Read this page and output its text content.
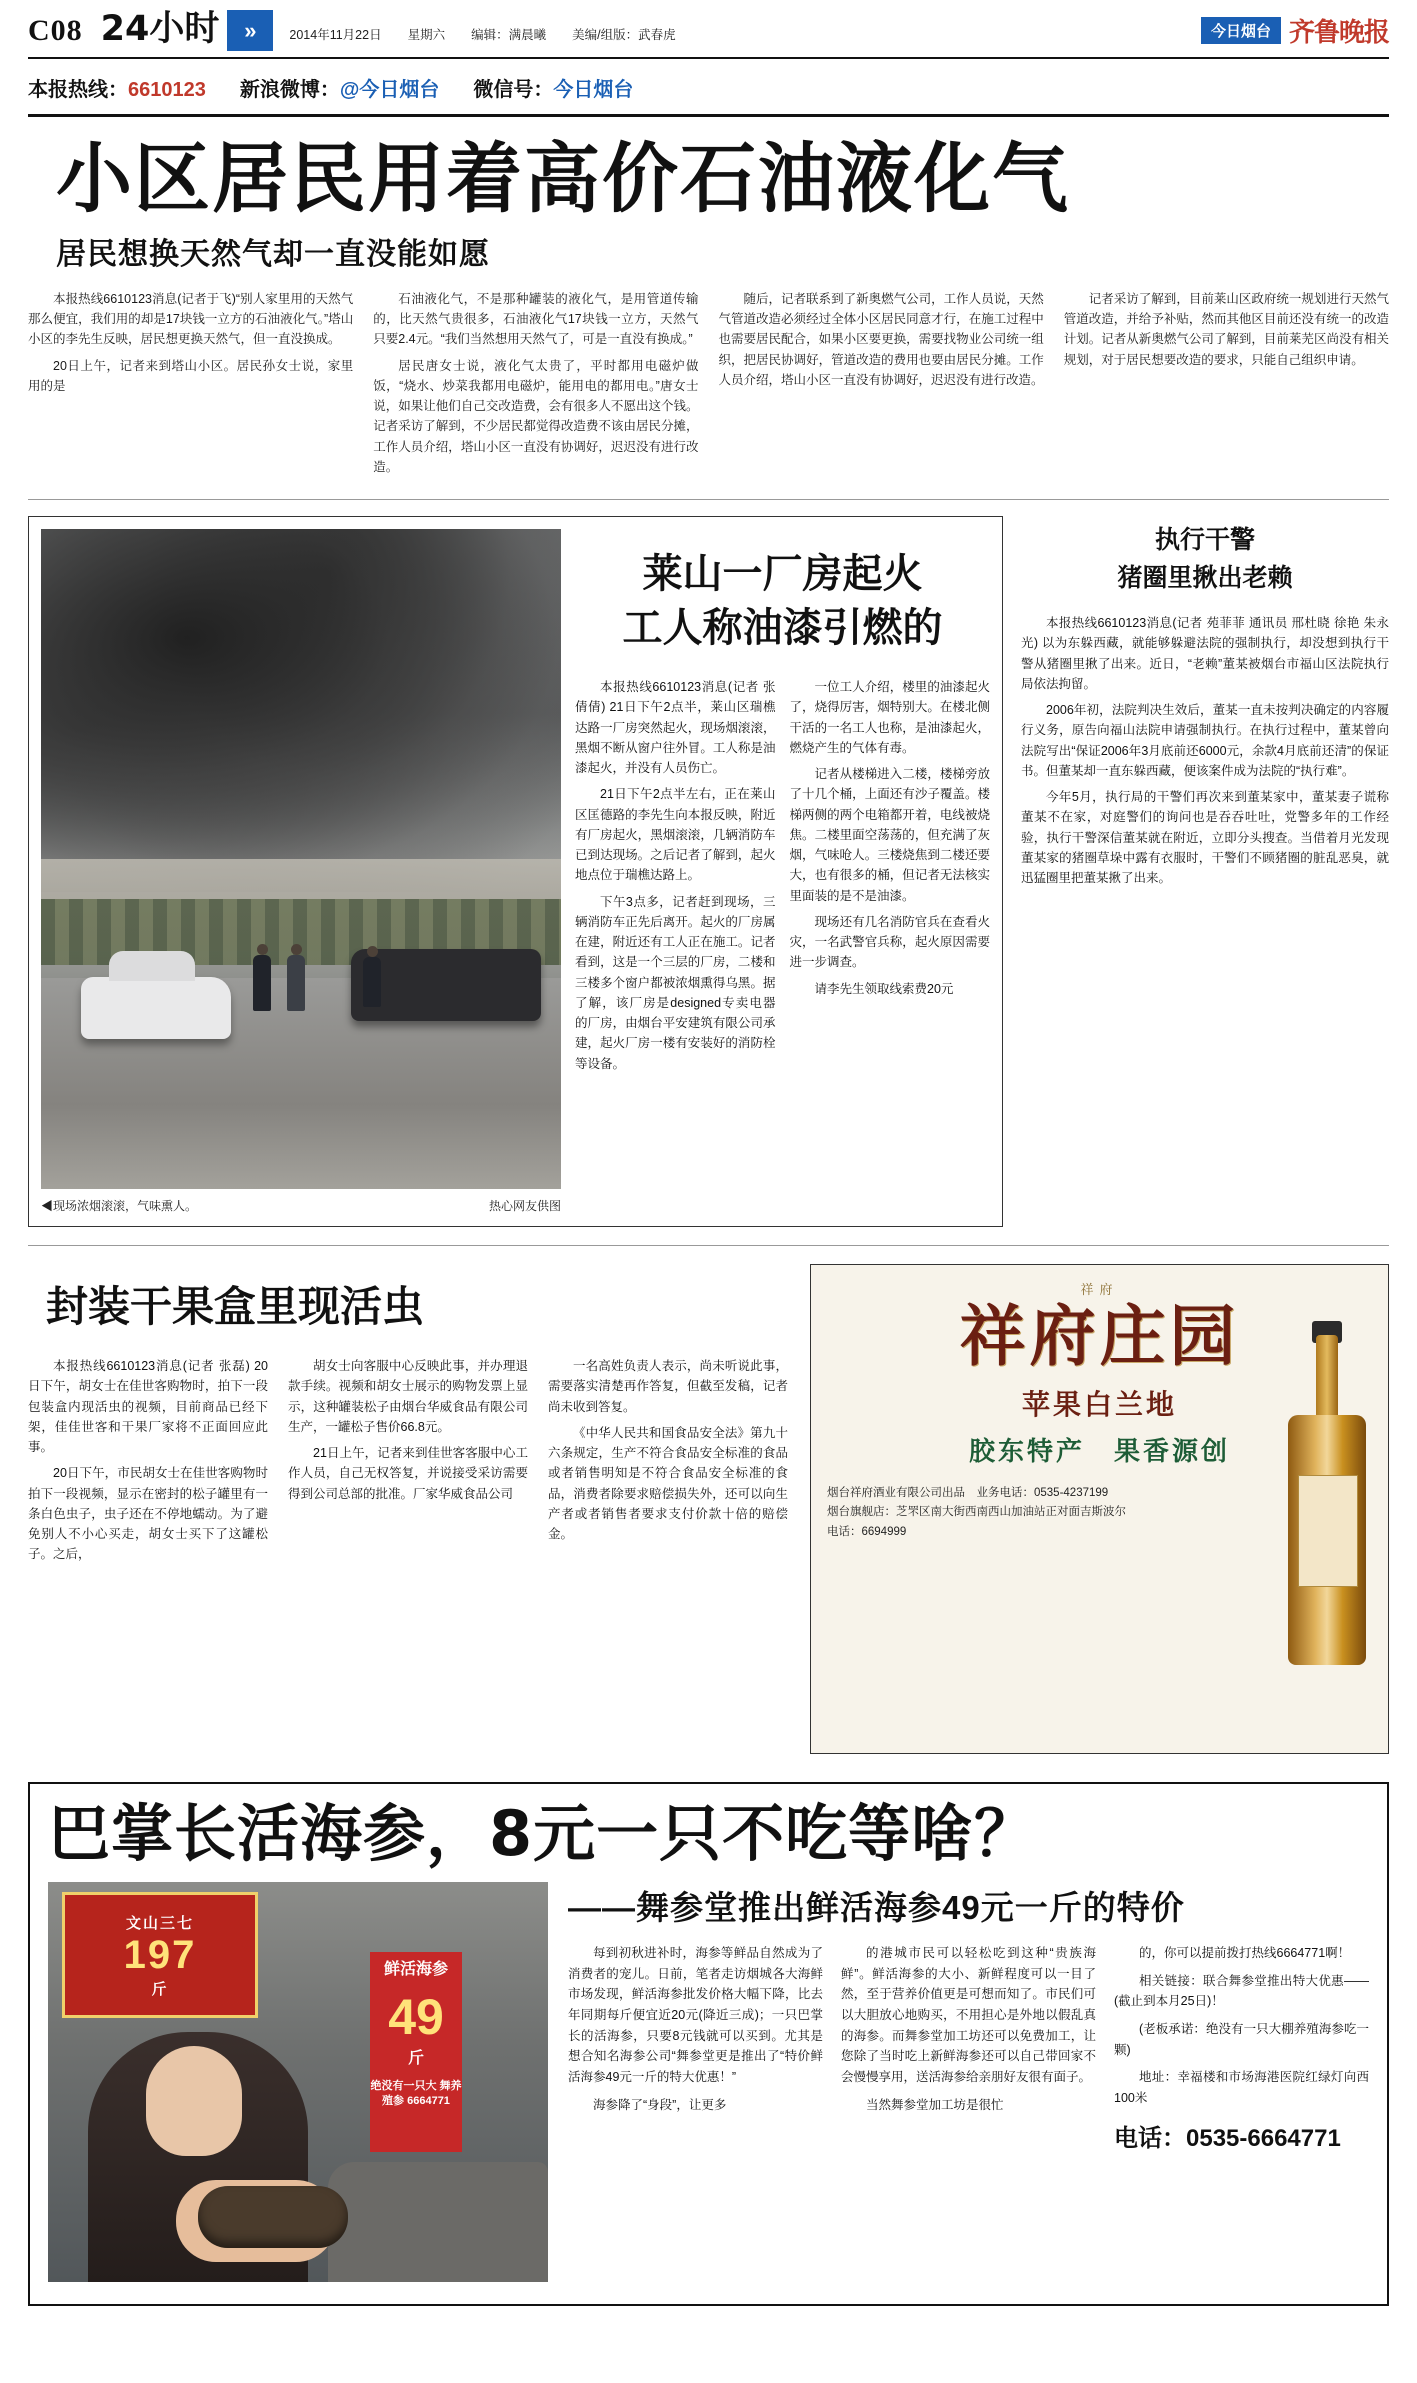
C08 24小时	»	2014年11月22日 星期六 编辑：满晨曦 美编/组版：武春虎	今日烟台 齐鲁晚报
本报热线：6610123 新浪微博：@今日烟台 微信号：今日烟台
小区居民用着高价石油液化气
居民想换天然气却一直没能如愿

本报热线6610123消息(记者于飞)“别人家里用的天然气那么便宜，我们用的却是17块钱一立方的石油液化气。”塔山小区的李先生反映，居民想更换天然气，但一直没换成。

20日上午，记者来到塔山小区。居民孙女士说，家里用的是

石油液化气，不是那种罐装的液化气，是用管道传输的，比天然气贵很多，石油液化气17块钱一立方，天然气只要2.4元。“我们当然想用天然气了，可是一直没有换成。”

居民唐女士说，液化气太贵了，平时都用电磁炉做饭，“烧水、炒菜我都用电磁炉，能用电的都用电。”唐女士说，如果让他们自己交改造费，会有很多人不愿出这个钱。记者采访了解到，不少居民都觉得改造费不该由居民分摊，工作人员介绍，塔山小区一直没有协调好，迟迟没有进行改造。

随后，记者联系到了新奥燃气公司，工作人员说，天然气管道改造必须经过全体小区居民同意才行，在施工过程中也需要居民配合，如果小区要更换，需要找物业公司统一组织，把居民协调好，管道改造的费用也要由居民分摊。工作人员介绍，塔山小区一直没有协调好，迟迟没有进行改造。

记者采访了解到，目前莱山区政府统一规划进行天然气管道改造，并给予补贴，然而其他区目前还没有统一的改造计划。记者从新奥燃气公司了解到，目前莱芜区尚没有相关规划，对于居民想要改造的要求，只能自己组织申请。

◀现场浓烟滚滚，气味熏人。	热心网友供图
莱山一厂房起火
工人称油漆引燃的

本报热线6610123消息(记者 张倩倩) 21日下午2点半，莱山区瑞樵达路一厂房突然起火，现场烟滚滚，黑烟不断从窗户往外冒。工人称是油漆起火，并没有人员伤亡。

21日下午2点半左右，正在莱山区匡德路的李先生向本报反映，附近有厂房起火，黑烟滚滚，几辆消防车已到达现场。之后记者了解到，起火地点位于瑞樵达路上。

下午3点多，记者赶到现场，三辆消防车正先后离开。起火的厂房属在建，附近还有工人正在施工。记者看到，这是一个三层的厂房，二楼和三楼多个窗户都被浓烟熏得乌黑。据了解，该厂房是designed专卖电器的厂房，由烟台平安建筑有限公司承建，起火厂房一楼有安装好的消防栓等设备。

一位工人介绍，楼里的油漆起火了，烧得厉害，烟特别大。在楼北侧干活的一名工人也称，是油漆起火，燃烧产生的气体有毒。

记者从楼梯进入二楼，楼梯旁放了十几个桶，上面还有沙子覆盖。楼梯两侧的两个电箱都开着，电线被烧焦。二楼里面空荡荡的，但充满了灰烟，气味呛人。三楼烧焦到二楼还要大，也有很多的桶，但记者无法核实里面装的是不是油漆。

现场还有几名消防官兵在查看火灾，一名武警官兵称，起火原因需要进一步调查。

请李先生领取线索费20元

执行干警
猪圈里揪出老赖

本报热线6610123消息(记者 苑菲菲 通讯员 邢杜晓 徐艳 朱永光) 以为东躲西藏，就能够躲避法院的强制执行，却没想到执行干警从猪圈里揪了出来。近日，“老赖”董某被烟台市福山区法院执行局依法拘留。

2006年初，法院判决生效后，董某一直未按判决确定的内容履行义务，原告向福山法院申请强制执行。在执行过程中，董某曾向法院写出“保证2006年3月底前还6000元，余款4月底前还清”的保证书。但董某却一直东躲西藏，便该案件成为法院的“执行难”。

今年5月，执行局的干警们再次来到董某家中，董某妻子谎称董某不在家，对庭警们的询问也是吞吞吐吐，党警多年的工作经验，执行干警深信董某就在附近，立即分头搜查。当借着月光发现董某家的猪圈草垛中露有衣服时，干警们不顾猪圈的脏乱恶臭，就迅猛圈里把董某揪了出来。

封装干果盒里现活虫

本报热线6610123消息(记者 张磊) 20日下午，胡女士在佳世客购物时，拍下一段包装盒内现活虫的视频，目前商品已经下架，佳佳世客和干果厂家将不正面回应此事。

20日下午，市民胡女士在佳世客购物时拍下一段视频，显示在密封的松子罐里有一条白色虫子，虫子还在不停地蠕动。为了避免别人不小心买走，胡女士买下了这罐松子。之后，

胡女士向客服中心反映此事，并办理退款手续。视频和胡女士展示的购物发票上显示，这种罐装松子由烟台华威食品有限公司生产，一罐松子售价66.8元。

21日上午，记者来到佳世客客服中心工作人员，自己无权答复，并说接受采访需要得到公司总部的批准。厂家华威食品公司

一名高姓负责人表示，尚未听说此事，需要落实清楚再作答复，但截至发稿，记者尚未收到答复。

《中华人民共和国食品安全法》第九十六条规定，生产不符合食品安全标准的食品或者销售明知是不符合食品安全标准的食品，消费者除要求赔偿损失外，还可以向生产者或者销售者要求支付价款十倍的赔偿金。

祥府
祥府庄园
苹果白兰地
胶东特产　果香源创
烟台祥府酒业有限公司出品　业务电话：0535-4237199
烟台旗舰店：芝罘区南大街西南西山加油站正对面吉斯波尔
电话：6694999
巴掌长活海参，8元一只不吃等啥？
文山三七
197
斤
鲜活海参
49
斤
绝没有一只大 舞养殖参 6664771
——舞参堂推出鲜活海参49元一斤的特价

每到初秋进补时，海参等鲜品自然成为了消费者的宠儿。日前，笔者走访烟城各大海鲜市场发现，鲜活海参批发价格大幅下降，比去年同期每斤便宜近20元(降近三成)；一只巴掌长的活海参，只要8元钱就可以买到。尤其是想合知名海参公司“舞参堂更是推出了“特价鲜活海参49元一斤的特大优惠！”

海参降了“身段”，让更多

的港城市民可以轻松吃到这种“贵族海鲜”。鲜活海参的大小、新鲜程度可以一目了然，至于营养价值更是可想而知了。市民们可以大胆放心地购买，不用担心是外地以假乱真的海参。而舞参堂加工坊还可以免费加工，让您除了当时吃上新鲜海参还可以自己带回家不会慢慢享用，送活海参给亲朋好友很有面子。

当然舞参堂加工坊是很忙

的，你可以提前拨打热线6664771啊！

相关链接：联合舞参堂推出特大优惠——(截止到本月25日)！

(老板承诺：绝没有一只大棚养殖海参吃一颗)

地址：幸福楼和市场海港医院红绿灯向西100米

电话：0535-6664771
